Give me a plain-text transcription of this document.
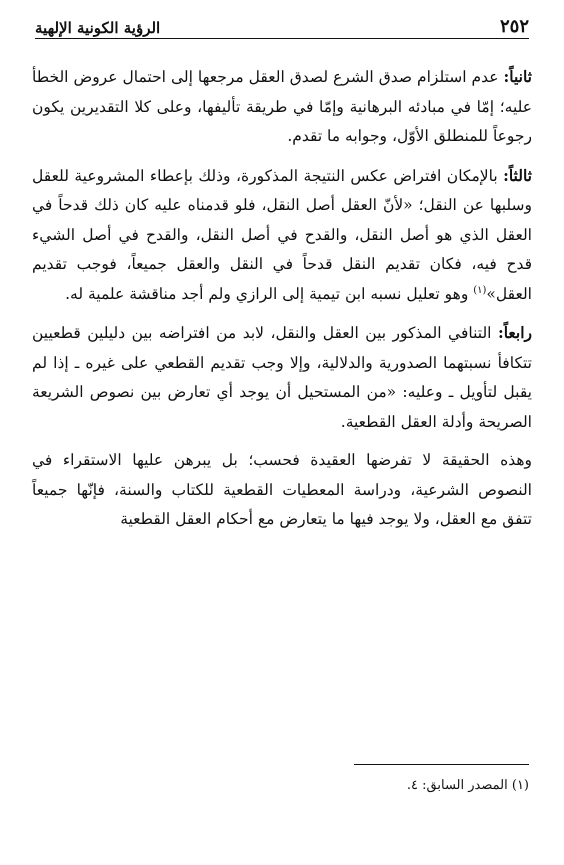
٢٥٢
الرؤية الكونية الإلهية

ثانياً: عدم استلزام صدق الشرع لصدق العقل مرجعها إلى احتمال عروض الخطأ عليه؛ إمّا في مبادئه البرهانية وإمّا في طريقة تأليفها، وعلى كلا التقديرين يكون رجوعاً للمنطلق الأوّل، وجوابه ما تقدم.

ثالثاً: بالإمكان افتراض عكس النتيجة المذكورة، وذلك بإعطاء المشروعية للعقل وسلبها عن النقل؛ «لأنّ العقل أصل النقل، فلو قدمناه عليه كان ذلك قدحاً في العقل الذي هو أصل النقل، والقدح في أصل النقل، والقدح في أصل الشيء قدح فيه، فكان تقديم النقل قدحاً في النقل والعقل جميعاً، فوجب تقديم العقل»$^{(١)}$ وهو تعليل نسبه ابن تيمية إلى الرازي ولم أجد مناقشة علمية له.

رابعاً: التنافي المذكور بين العقل والنقل، لابد من افتراضه بين دليلين قطعيين تتكافأ نسبتهما الصدورية والدلالية، وإلا وجب تقديم القطعي على غيره ـ إذا لم يقبل لتأويل ـ وعليه: «من المستحيل أن يوجد أي تعارض بين نصوص الشريعة الصريحة وأدلة العقل القطعية.

وهذه الحقيقة لا تفرضها العقيدة فحسب؛ بل يبرهن عليها الاستقراء في النصوص الشرعية، ودراسة المعطيات القطعية للكتاب والسنة، فإنّها جميعاً تتفق مع العقل، ولا يوجد فيها ما يتعارض مع أحكام العقل القطعية

(١) المصدر السابق: ٤.
